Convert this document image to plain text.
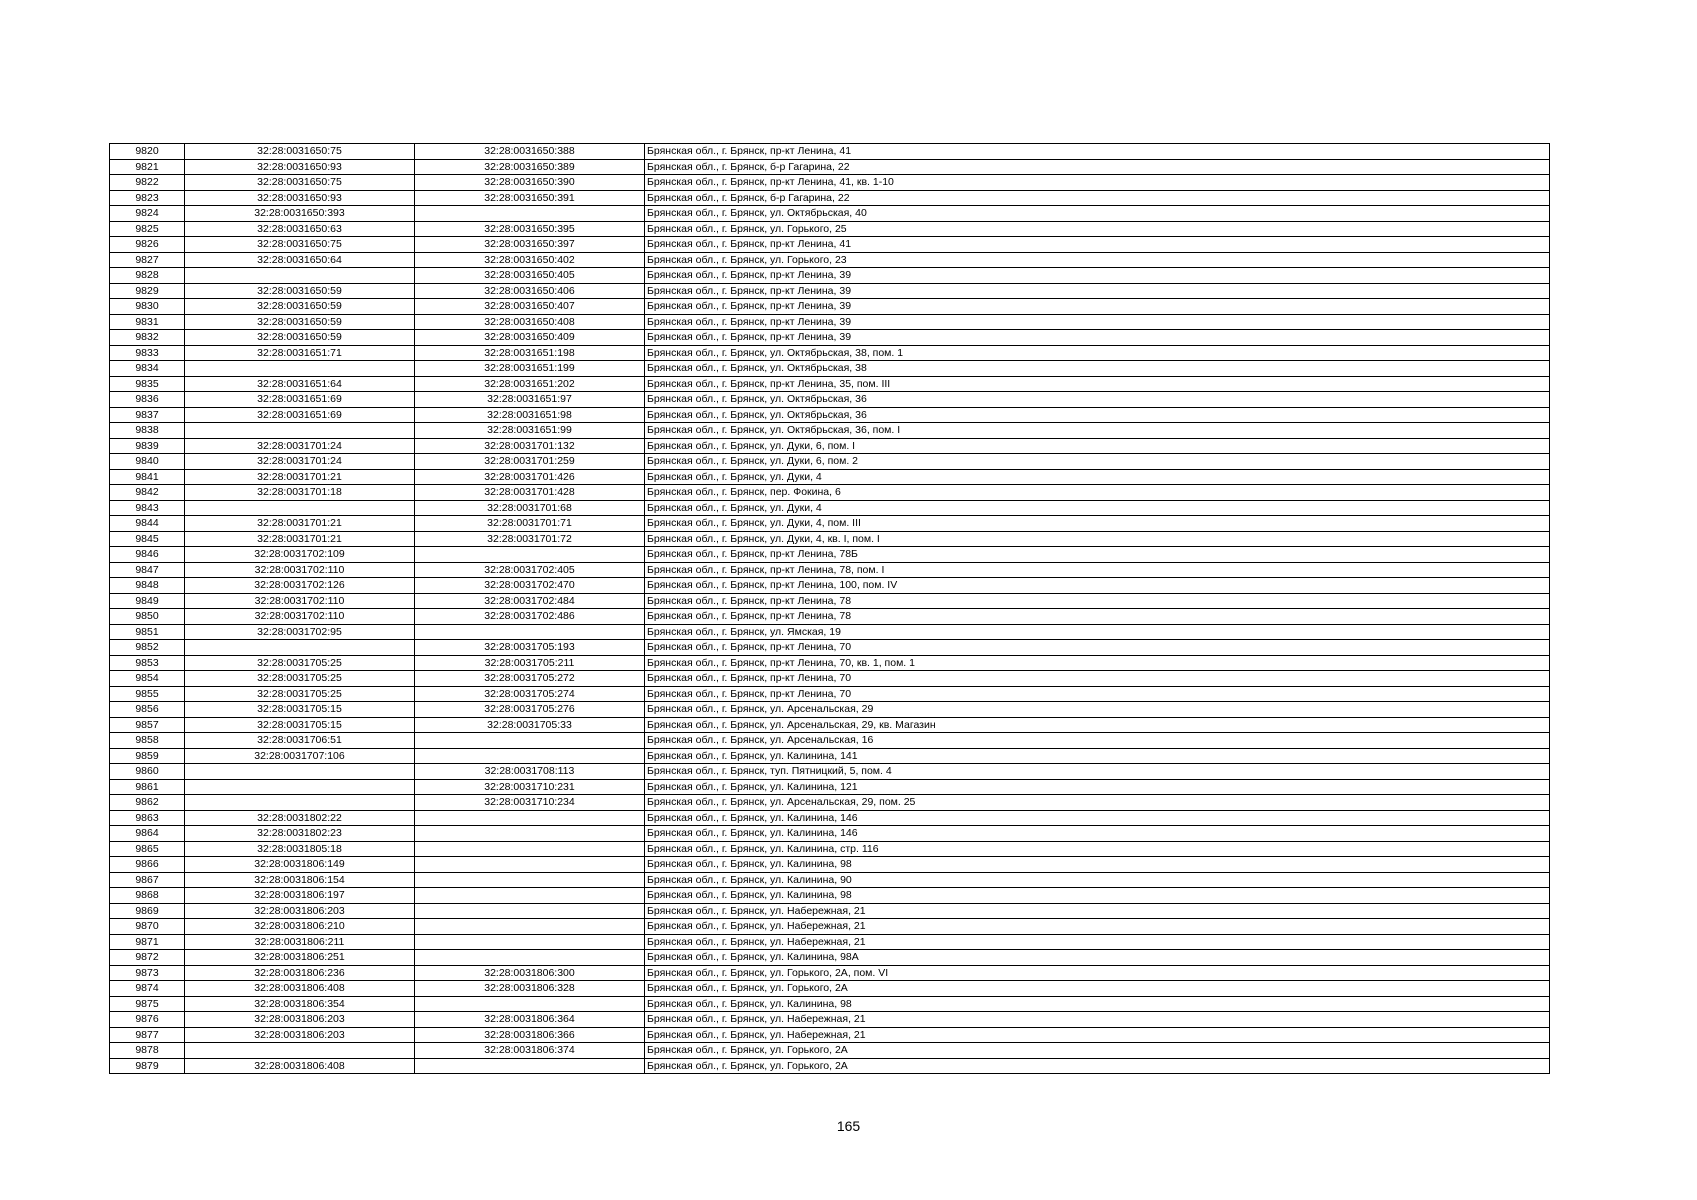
9820	32:28:0031650:75	32:28:0031650:388	Брянская обл., г. Брянск, пр-кт Ленина, 41
9821	32:28:0031650:93	32:28:0031650:389	Брянская обл., г. Брянск, б-р Гагарина, 22
9822	32:28:0031650:75	32:28:0031650:390	Брянская обл., г. Брянск, пр-кт Ленина, 41, кв. 1-10
9823	32:28:0031650:93	32:28:0031650:391	Брянская обл., г. Брянск, б-р Гагарина, 22
9824	32:28:0031650:393		Брянская обл., г. Брянск, ул. Октябрьская, 40
9825	32:28:0031650:63	32:28:0031650:395	Брянская обл., г. Брянск, ул. Горького, 25
9826	32:28:0031650:75	32:28:0031650:397	Брянская обл., г. Брянск, пр-кт Ленина, 41
9827	32:28:0031650:64	32:28:0031650:402	Брянская обл., г. Брянск, ул. Горького, 23
9828		32:28:0031650:405	Брянская обл., г. Брянск, пр-кт Ленина, 39
9829	32:28:0031650:59	32:28:0031650:406	Брянская обл., г. Брянск, пр-кт Ленина, 39
9830	32:28:0031650:59	32:28:0031650:407	Брянская обл., г. Брянск, пр-кт Ленина, 39
9831	32:28:0031650:59	32:28:0031650:408	Брянская обл., г. Брянск, пр-кт Ленина, 39
9832	32:28:0031650:59	32:28:0031650:409	Брянская обл., г. Брянск, пр-кт Ленина, 39
9833	32:28:0031651:71	32:28:0031651:198	Брянская обл., г. Брянск, ул. Октябрьская, 38, пом. 1
9834		32:28:0031651:199	Брянская обл., г. Брянск, ул. Октябрьская, 38
9835	32:28:0031651:64	32:28:0031651:202	Брянская обл., г. Брянск, пр-кт Ленина, 35, пом. III
9836	32:28:0031651:69	32:28:0031651:97	Брянская обл., г. Брянск, ул. Октябрьская, 36
9837	32:28:0031651:69	32:28:0031651:98	Брянская обл., г. Брянск, ул. Октябрьская, 36
9838		32:28:0031651:99	Брянская обл., г. Брянск, ул. Октябрьская, 36, пом. I
9839	32:28:0031701:24	32:28:0031701:132	Брянская обл., г. Брянск, ул. Дуки, 6, пом. I
9840	32:28:0031701:24	32:28:0031701:259	Брянская обл., г. Брянск, ул. Дуки, 6, пом. 2
9841	32:28:0031701:21	32:28:0031701:426	Брянская обл., г. Брянск, ул. Дуки, 4
9842	32:28:0031701:18	32:28:0031701:428	Брянская обл., г. Брянск, пер. Фокина, 6
9843		32:28:0031701:68	Брянская обл., г. Брянск, ул. Дуки, 4
9844	32:28:0031701:21	32:28:0031701:71	Брянская обл., г. Брянск, ул. Дуки, 4, пом. III
9845	32:28:0031701:21	32:28:0031701:72	Брянская обл., г. Брянск, ул. Дуки, 4, кв. I, пом. I
9846	32:28:0031702:109		Брянская обл., г. Брянск, пр-кт Ленина, 78Б
9847	32:28:0031702:110	32:28:0031702:405	Брянская обл., г. Брянск, пр-кт Ленина, 78, пом. I
9848	32:28:0031702:126	32:28:0031702:470	Брянская обл., г. Брянск, пр-кт Ленина, 100, пом. IV
9849	32:28:0031702:110	32:28:0031702:484	Брянская обл., г. Брянск, пр-кт Ленина, 78
9850	32:28:0031702:110	32:28:0031702:486	Брянская обл., г. Брянск, пр-кт Ленина, 78
9851	32:28:0031702:95		Брянская обл., г. Брянск, ул. Ямская, 19
9852		32:28:0031705:193	Брянская обл., г. Брянск, пр-кт Ленина, 70
9853	32:28:0031705:25	32:28:0031705:211	Брянская обл., г. Брянск, пр-кт Ленина, 70, кв. 1, пом. 1
9854	32:28:0031705:25	32:28:0031705:272	Брянская обл., г. Брянск, пр-кт Ленина, 70
9855	32:28:0031705:25	32:28:0031705:274	Брянская обл., г. Брянск, пр-кт Ленина, 70
9856	32:28:0031705:15	32:28:0031705:276	Брянская обл., г. Брянск, ул. Арсенальская, 29
9857	32:28:0031705:15	32:28:0031705:33	Брянская обл., г. Брянск, ул. Арсенальская, 29, кв. Магазин
9858	32:28:0031706:51		Брянская обл., г. Брянск, ул. Арсенальская, 16
9859	32:28:0031707:106		Брянская обл., г. Брянск, ул. Калинина, 141
9860		32:28:0031708:113	Брянская обл., г. Брянск, туп. Пятницкий, 5, пом. 4
9861		32:28:0031710:231	Брянская обл., г. Брянск, ул. Калинина, 121
9862		32:28:0031710:234	Брянская обл., г. Брянск, ул. Арсенальская, 29, пом. 25
9863	32:28:0031802:22		Брянская обл., г. Брянск, ул. Калинина, 146
9864	32:28:0031802:23		Брянская обл., г. Брянск, ул. Калинина, 146
9865	32:28:0031805:18		Брянская обл., г. Брянск, ул. Калинина, стр. 116
9866	32:28:0031806:149		Брянская обл., г. Брянск, ул. Калинина, 98
9867	32:28:0031806:154		Брянская обл., г. Брянск, ул. Калинина, 90
9868	32:28:0031806:197		Брянская обл., г. Брянск, ул. Калинина, 98
9869	32:28:0031806:203		Брянская обл., г. Брянск, ул. Набережная, 21
9870	32:28:0031806:210		Брянская обл., г. Брянск, ул. Набережная, 21
9871	32:28:0031806:211		Брянская обл., г. Брянск, ул. Набережная, 21
9872	32:28:0031806:251		Брянская обл., г. Брянск, ул. Калинина, 98А
9873	32:28:0031806:236	32:28:0031806:300	Брянская обл., г. Брянск, ул. Горького, 2А, пом. VI
9874	32:28:0031806:408	32:28:0031806:328	Брянская обл., г. Брянск, ул. Горького, 2А
9875	32:28:0031806:354		Брянская обл., г. Брянск, ул. Калинина, 98
9876	32:28:0031806:203	32:28:0031806:364	Брянская обл., г. Брянск, ул. Набережная, 21
9877	32:28:0031806:203	32:28:0031806:366	Брянская обл., г. Брянск, ул. Набережная, 21
9878		32:28:0031806:374	Брянская обл., г. Брянск, ул. Горького, 2А
9879	32:28:0031806:408		Брянская обл., г. Брянск, ул. Горького, 2А
165
